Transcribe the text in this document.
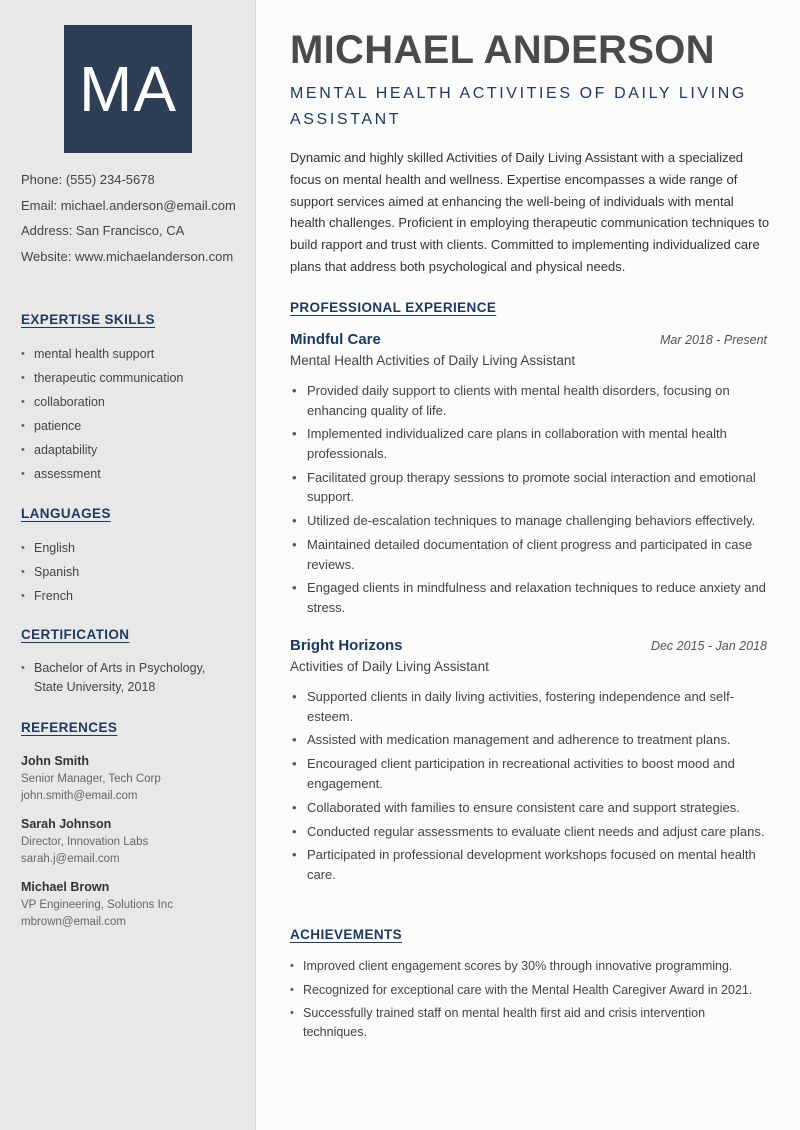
MA
Phone: (555) 234-5678
Email: michael.anderson@email.com
Address: San Francisco, CA
Website: www.michaelanderson.com
EXPERTISE SKILLS
• mental health support
• therapeutic communication
• collaboration
• patience
• adaptability
• assessment
LANGUAGES
• English
• Spanish
• French
CERTIFICATION
• Bachelor of Arts in Psychology, State University, 2018
REFERENCES
John Smith
Senior Manager, Tech Corp
john.smith@email.com
Sarah Johnson
Director, Innovation Labs
sarah.j@email.com
Michael Brown
VP Engineering, Solutions Inc
mbrown@email.com
MICHAEL ANDERSON
MENTAL HEALTH ACTIVITIES OF DAILY LIVING ASSISTANT
Dynamic and highly skilled Activities of Daily Living Assistant with a specialized focus on mental health and wellness. Expertise encompasses a wide range of support services aimed at enhancing the well-being of individuals with mental health challenges. Proficient in employing therapeutic communication techniques to build rapport and trust with clients. Committed to implementing individualized care plans that address both psychological and physical needs.
PROFESSIONAL EXPERIENCE
Mindful Care	Mar 2018 - Present
Mental Health Activities of Daily Living Assistant
• Provided daily support to clients with mental health disorders, focusing on enhancing quality of life.
• Implemented individualized care plans in collaboration with mental health professionals.
• Facilitated group therapy sessions to promote social interaction and emotional support.
• Utilized de-escalation techniques to manage challenging behaviors effectively.
• Maintained detailed documentation of client progress and participated in case reviews.
• Engaged clients in mindfulness and relaxation techniques to reduce anxiety and stress.
Bright Horizons	Dec 2015 - Jan 2018
Activities of Daily Living Assistant
• Supported clients in daily living activities, fostering independence and self-esteem.
• Assisted with medication management and adherence to treatment plans.
• Encouraged client participation in recreational activities to boost mood and engagement.
• Collaborated with families to ensure consistent care and support strategies.
• Conducted regular assessments to evaluate client needs and adjust care plans.
• Participated in professional development workshops focused on mental health care.
ACHIEVEMENTS
• Improved client engagement scores by 30% through innovative programming.
• Recognized for exceptional care with the Mental Health Caregiver Award in 2021.
• Successfully trained staff on mental health first aid and crisis intervention techniques.
